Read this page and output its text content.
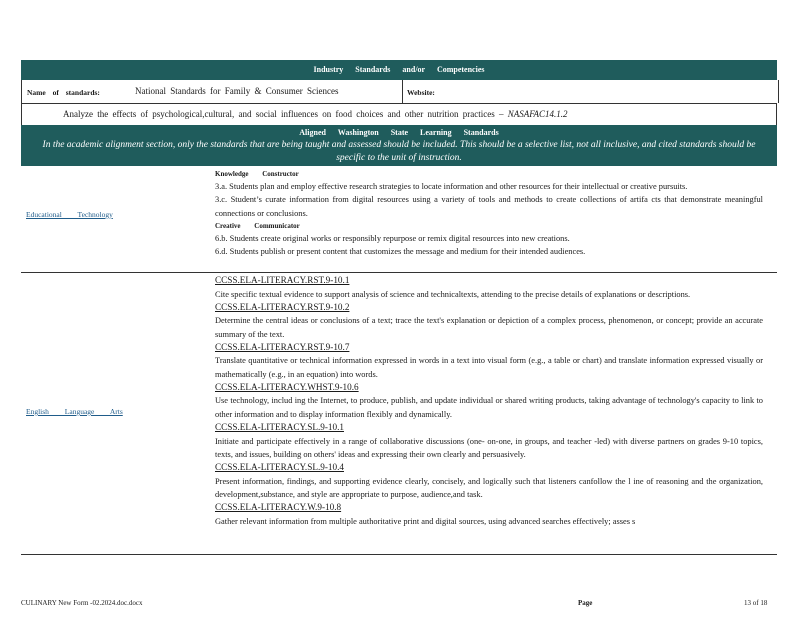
Industry Standards and/or Competencies
Name of standards:	National Standards for Family & Consumer Sciences	Website:
Analyze the effects of psychological,cultural, and social influences on food choices and other nutrition practices – NASAFAC14.1.2
Aligned Washington State Learning Standards
In the academic alignment section, only the standards that are being taught and assessed should be included. This should be a selective list, not all inclusive, and cited standards should be specific to the unit of instruction.
Educational Technology
Knowledge Constructor
3.a. Students plan and employ effective research strategies to locate information and other resources for their intellectual or creative pursuits.
3.c. Student’s curate information from digital resources using a variety of tools and methods to create collections of artifa cts that demonstrate meaningful connections or conclusions.
Creative Communicator
6.b. Students create original works or responsibly repurpose or remix digital resources into new creations.
6.d. Students publish or present content that customizes the message and medium for their intended audiences.
English Language Arts
CCSS.ELA-LITERACY.RST.9-10.1
Cite specific textual evidence to support analysis of science and technicaltexts, attending to the precise details of explanations or descriptions.
CCSS.ELA-LITERACY.RST.9-10.2
Determine the central ideas or conclusions of a text; trace the text's explanation or depiction of a complex process, phenomenon, or concept; provide an accurate summary of the text.
CCSS.ELA-LITERACY.RST.9-10.7
Translate quantitative or technical information expressed in words in a text into visual form (e.g., a table or chart) and translate information expressed visually or mathematically (e.g., in an equation) into words.
CCSS.ELA-LITERACY.WHST.9-10.6
Use technology, includ ing the Internet, to produce, publish, and update individual or shared writing products, taking advantage of technology's capacity to link to other information and to display information flexibly and dynamically.
CCSS.ELA-LITERACY.SL.9-10.1
Initiate and participate effectively in a range of collaborative discussions (one- on-one, in groups, and teacher -led) with diverse partners on grades 9-10 topics, texts, and issues, building on others' ideas and expressing their own clearly and persuasively.
CCSS.ELA-LITERACY.SL.9-10.4
Present information, findings, and supporting evidence clearly, concisely, and logically such that listeners canfollow the l ine of reasoning and the organization, development,substance, and style are appropriate to purpose, audience,and task.
CCSS.ELA-LITERACY.W.9-10.8
Gather relevant information from multiple authoritative print and digital sources, using advanced searches effectively; asses s
CULINARY New Form -02.2024.doc.docx	Page	13 of 18
